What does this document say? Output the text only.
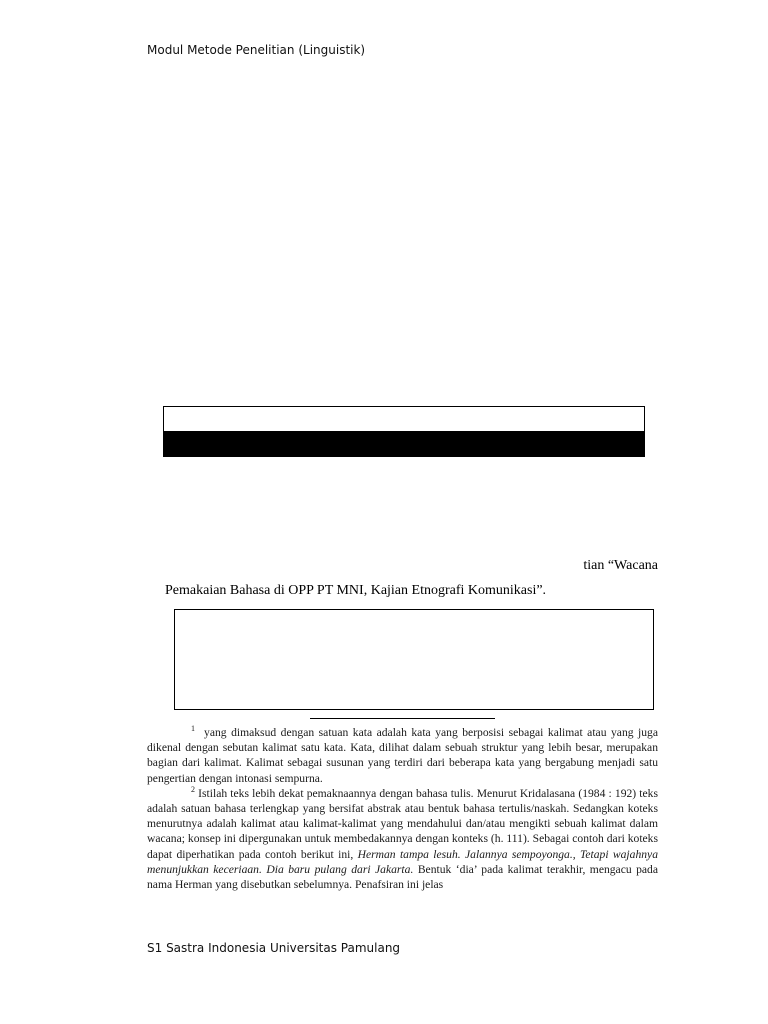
Modul Metode Penelitian (Linguistik)
tian “Wacana
Pemakaian Bahasa di OPP PT MNI, Kajian Etnografi Komunikasi”.

$^1$ yang dimaksud dengan satuan kata adalah kata yang berposisi sebagai kalimat atau yang juga dikenal dengan sebutan kalimat satu kata. Kata, dilihat dalam sebuah struktur yang lebih besar, merupakan bagian dari kalimat. Kalimat sebagai susunan yang terdiri dari beberapa kata yang bergabung menjadi satu pengertian dengan intonasi sempurna.

$^2$ Istilah teks lebih dekat pemaknaannya dengan bahasa tulis. Menurut Kridalasana (1984 : 192) teks adalah satuan bahasa terlengkap yang bersifat abstrak atau bentuk bahasa tertulis/naskah. Sedangkan koteks menurutnya adalah kalimat atau kalimat-kalimat yang mendahului dan/atau mengikti sebuah kalimat dalam wacana; konsep ini dipergunakan untuk membedakannya dengan konteks (h. 111). Sebagai contoh dari koteks dapat diperhatikan pada contoh berikut ini, Herman tampa lesuh. Jalannya sempoyonga., Tetapi wajahnya menunjukkan keceriaan. Dia baru pulang dari Jakarta. Bentuk ‘dia’ pada kalimat terakhir, mengacu pada nama Herman yang disebutkan sebelumnya. Penafsiran ini jelas

S1 Sastra Indonesia Universitas Pamulang
